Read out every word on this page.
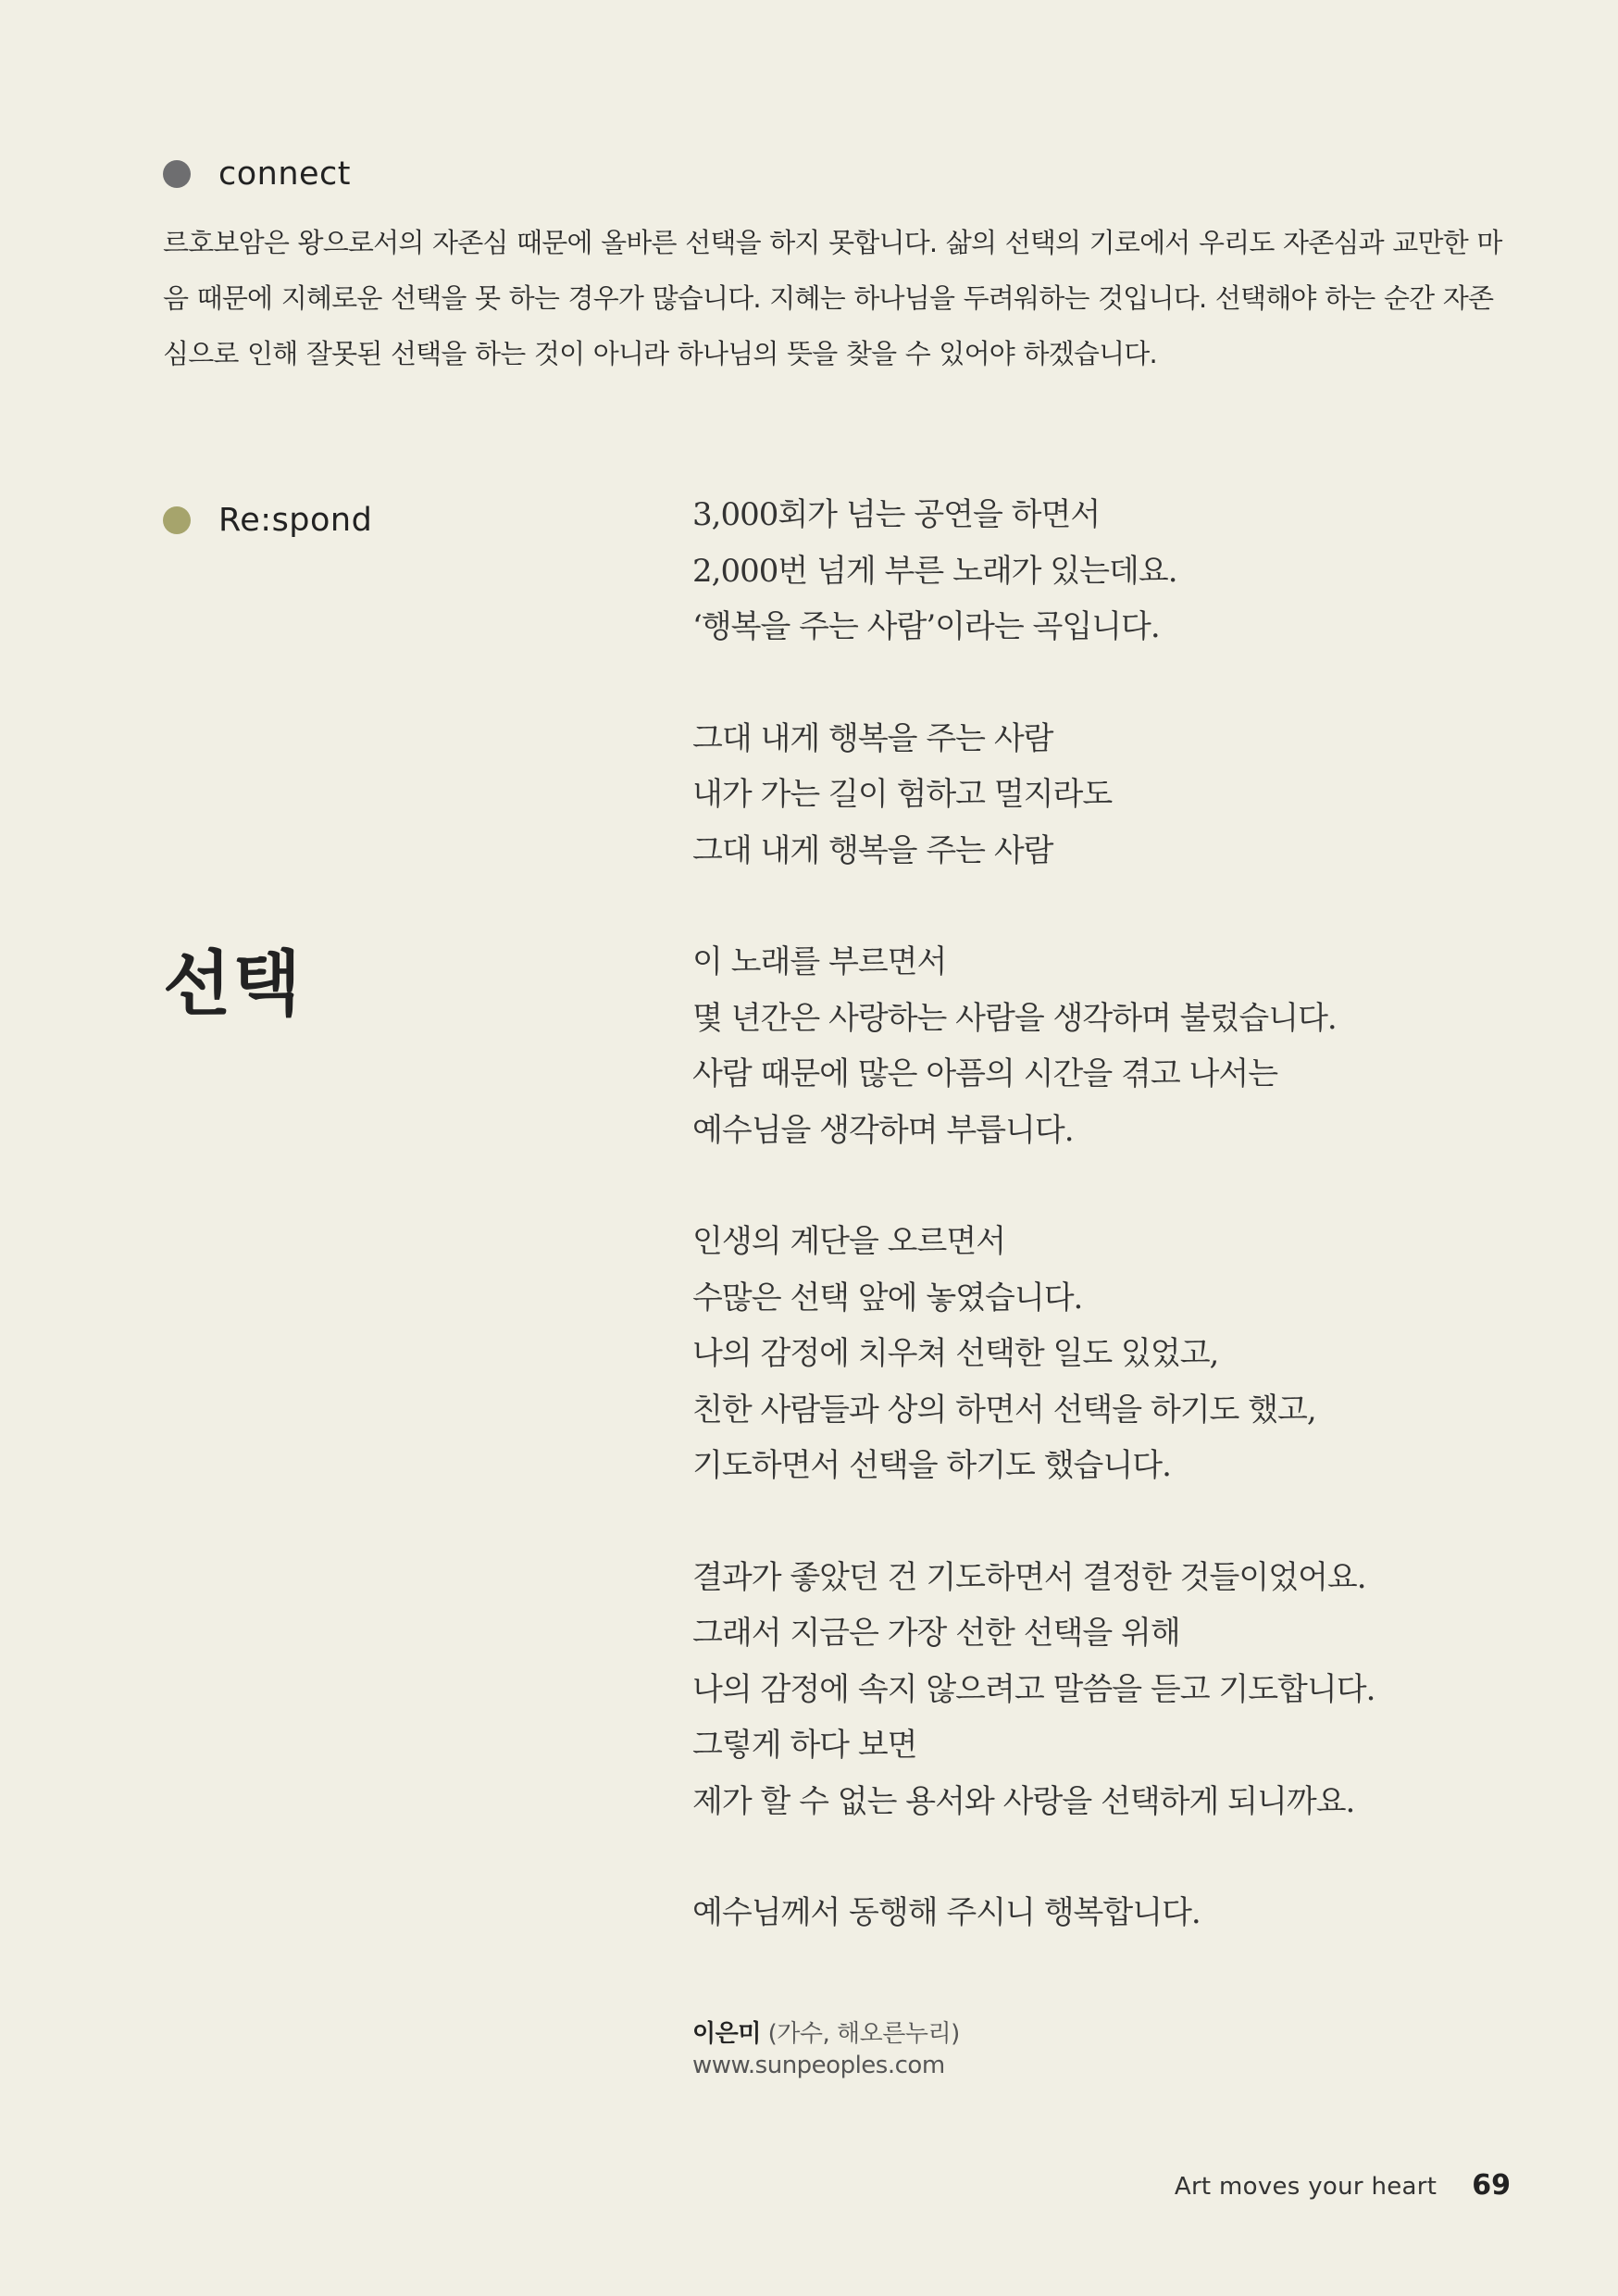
connect

르호보암은 왕으로서의 자존심 때문에 올바른 선택을 하지 못합니다. 삶의 선택의 기로에서 우리도 자존심과 교만한 마음 때문에 지혜로운 선택을 못 하는 경우가 많습니다. 지혜는 하나님을 두려워하는 것입니다. 선택해야 하는 순간 자존심으로 인해 잘못된 선택을 하는 것이 아니라 하나님의 뜻을 찾을 수 있어야 하겠습니다.

Re:spond
선택
3,000회가 넘는 공연을 하면서
2,000번 넘게 부른 노래가 있는데요.
‘행복을 주는 사람’이라는 곡입니다.
그대 내게 행복을 주는 사람
내가 가는 길이 험하고 멀지라도
그대 내게 행복을 주는 사람
이 노래를 부르면서
몇 년간은 사랑하는 사람을 생각하며 불렀습니다.
사람 때문에 많은 아픔의 시간을 겪고 나서는
예수님을 생각하며 부릅니다.
인생의 계단을 오르면서
수많은 선택 앞에 놓였습니다.
나의 감정에 치우쳐 선택한 일도 있었고,
친한 사람들과 상의 하면서 선택을 하기도 했고,
기도하면서 선택을 하기도 했습니다.
결과가 좋았던 건 기도하면서 결정한 것들이었어요.
그래서 지금은 가장 선한 선택을 위해
나의 감정에 속지 않으려고 말씀을 듣고 기도합니다.
그렇게 하다 보면
제가 할 수 없는 용서와 사랑을 선택하게 되니까요.
예수님께서 동행해 주시니 행복합니다.
이은미 (가수, 해오른누리)
www.sunpeoples.com
Art moves your heart 69
